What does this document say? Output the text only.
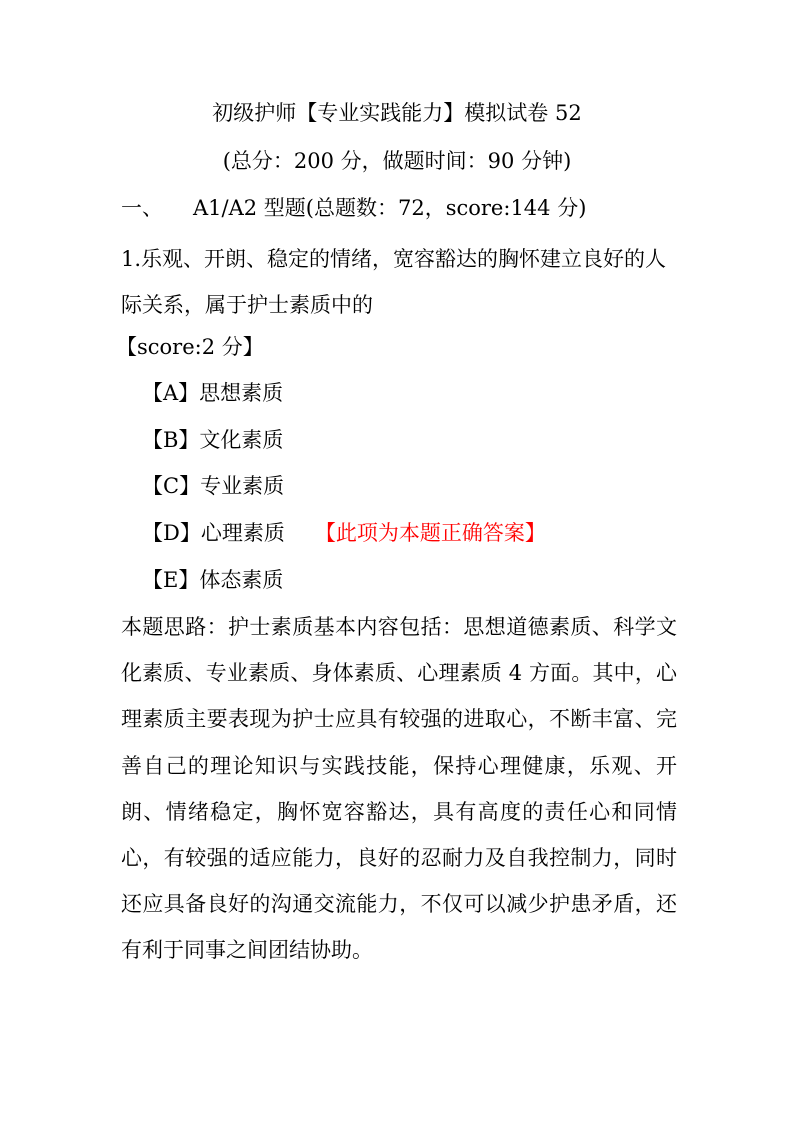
初级护师【专业实践能力】模拟试卷 52
(总分：200 分，做题时间：90 分钟)
一、 A1/A2 型题(总题数：72，score:144 分)
1.乐观、开朗、稳定的情绪，宽容豁达的胸怀建立良好的人际关系，属于护士素质中的
【score:2 分】
【A】思想素质
【B】文化素质
【C】专业素质
【D】心理素质 【此项为本题正确答案】
【E】体态素质
本题思路：护士素质基本内容包括：思想道德素质、科学文化素质、专业素质、身体素质、心理素质 4 方面。其中，心理素质主要表现为护士应具有较强的进取心，不断丰富、完善自己的理论知识与实践技能，保持心理健康，乐观、开朗、情绪稳定，胸怀宽容豁达，具有高度的责任心和同情心，有较强的适应能力，良好的忍耐力及自我控制力，同时还应具备良好的沟通交流能力，不仅可以减少护患矛盾，还有利于同事之间团结协助。
